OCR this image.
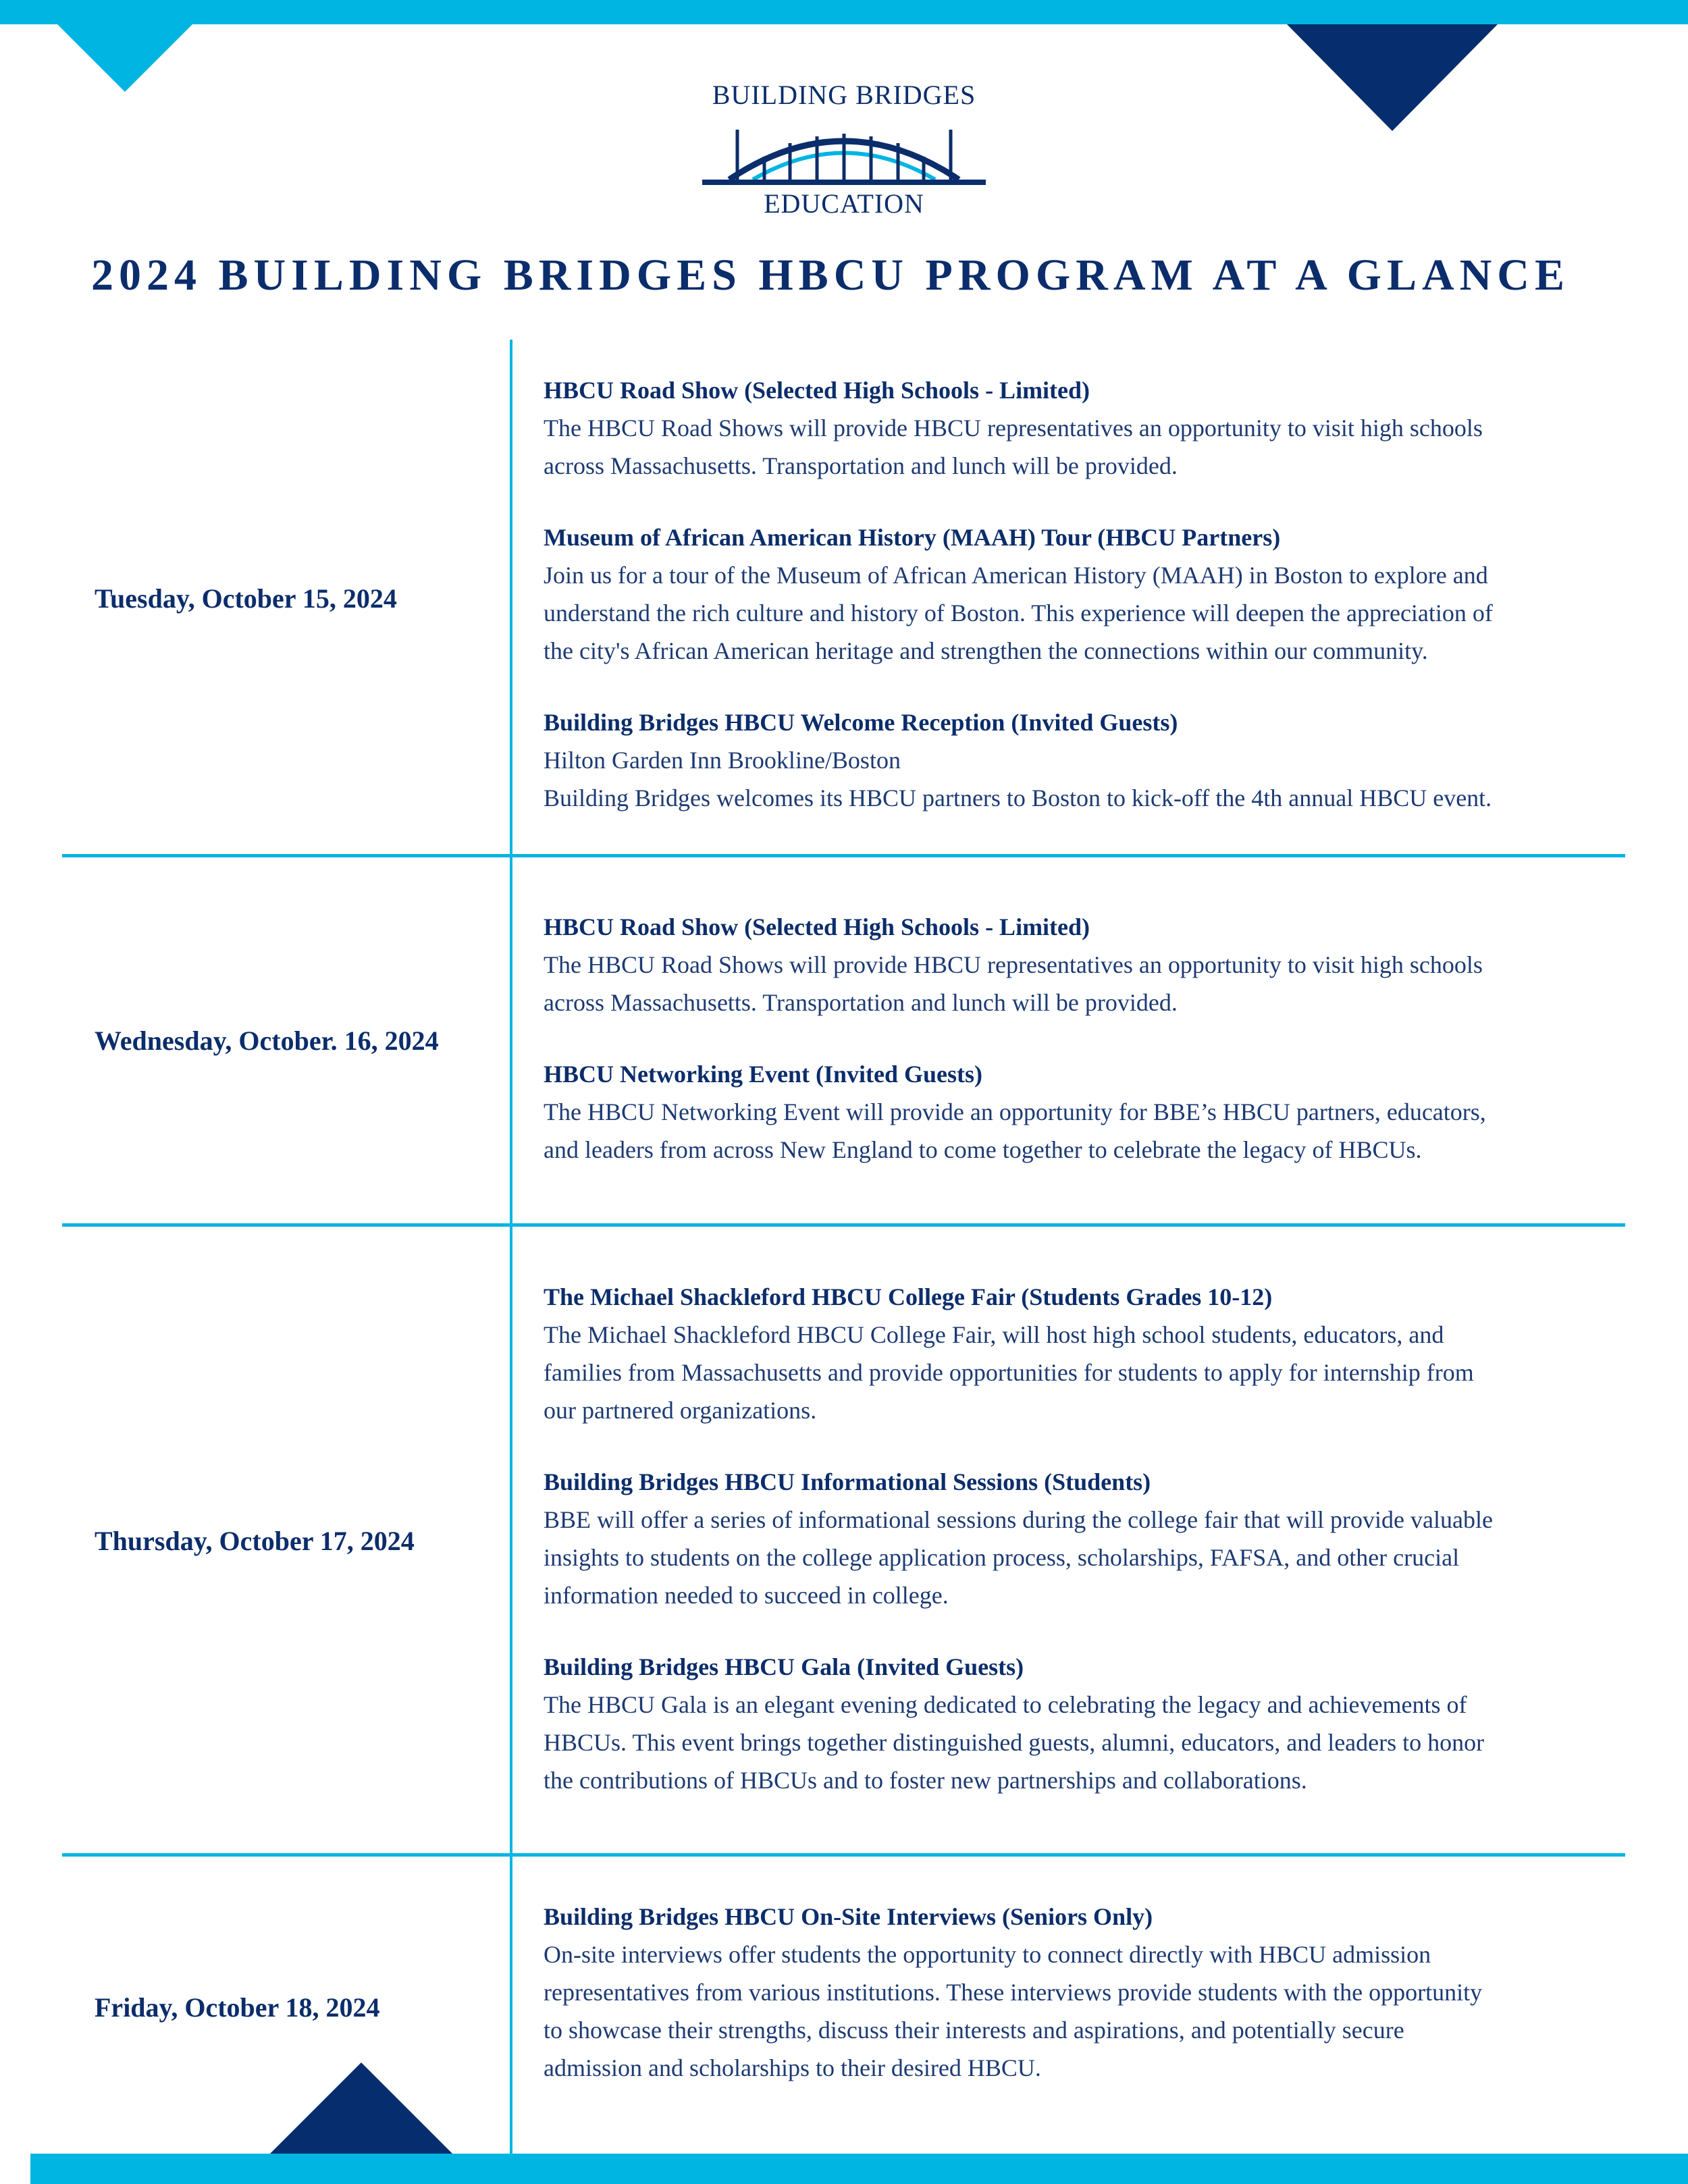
BUILDING BRIDGES
EDUCATION
2024 BUILDING BRIDGES HBCU PROGRAM AT A GLANCE
Tuesday, October 15, 2024
HBCU Road Show (Selected High Schools - Limited)
The HBCU Road Shows will provide HBCU representatives an opportunity to visit high schools
across Massachusetts. Transportation and lunch will be provided.
Museum of African American History (MAAH) Tour (HBCU Partners)
Join us for a tour of the Museum of African American History (MAAH) in Boston to explore and
understand the rich culture and history of Boston. This experience will deepen the appreciation of
the city's African American heritage and strengthen the connections within our community.
Building Bridges HBCU Welcome Reception (Invited Guests)
Hilton Garden Inn Brookline/Boston
Building Bridges welcomes its HBCU partners to Boston to kick-off the 4th annual HBCU event.
Wednesday, October. 16, 2024
HBCU Road Show (Selected High Schools - Limited)
The HBCU Road Shows will provide HBCU representatives an opportunity to visit high schools
across Massachusetts. Transportation and lunch will be provided.
HBCU Networking Event (Invited Guests)
The HBCU Networking Event will provide an opportunity for BBE’s HBCU partners, educators,
and leaders from across New England to come together to celebrate the legacy of HBCUs.
Thursday, October 17, 2024
The Michael Shackleford HBCU College Fair (Students Grades 10-12)
The Michael Shackleford HBCU College Fair, will host high school students, educators, and
families from Massachusetts and provide opportunities for students to apply for internship from
our partnered organizations.
Building Bridges HBCU Informational Sessions (Students)
BBE will offer a series of informational sessions during the college fair that will provide valuable
insights to students on the college application process, scholarships, FAFSA, and other crucial
information needed to succeed in college.
Building Bridges HBCU Gala (Invited Guests)
The HBCU Gala is an elegant evening dedicated to celebrating the legacy and achievements of
HBCUs. This event brings together distinguished guests, alumni, educators, and leaders to honor
the contributions of HBCUs and to foster new partnerships and collaborations.
Friday, October 18, 2024
Building Bridges HBCU On-Site Interviews (Seniors Only)
On-site interviews offer students the opportunity to connect directly with HBCU admission
representatives from various institutions. These interviews provide students with the opportunity
to showcase their strengths, discuss their interests and aspirations, and potentially secure
admission and scholarships to their desired HBCU.
